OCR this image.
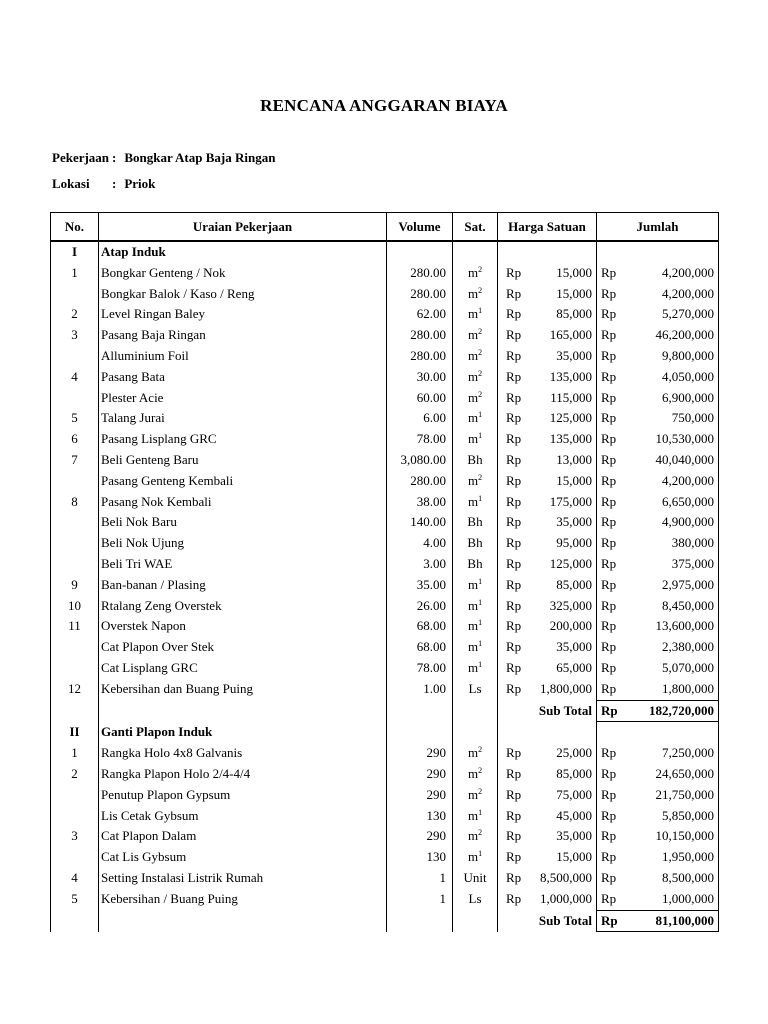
RENCANA ANGGARAN BIAYA
Pekerjaan : Bongkar Atap Baja Ringan
Lokasi : Priok
No.	Uraian Pekerjaan	Volume	Sat.	Harga Satuan		Jumlah	
I	Atap Induk						
1	Bongkar Genteng / Nok	280.00	$m^2$	Rp	15,000	Rp	4,200,000
	Bongkar Balok / Kaso / Reng	280.00	$m^2$	Rp	15,000	Rp	4,200,000
2	Level Ringan Baley	62.00	$m^1$	Rp	85,000	Rp	5,270,000
3	Pasang Baja Ringan	280.00	$m^2$	Rp	165,000	Rp	46,200,000
	Alluminium Foil	280.00	$m^2$	Rp	35,000	Rp	9,800,000
4	Pasang Bata	30.00	$m^2$	Rp	135,000	Rp	4,050,000
	Plester Acie	60.00	$m^2$	Rp	115,000	Rp	6,900,000
5	Talang Jurai	6.00	$m^1$	Rp	125,000	Rp	750,000
6	Pasang Lisplang GRC	78.00	$m^1$	Rp	135,000	Rp	10,530,000
7	Beli Genteng Baru	3,080.00	Bh	Rp	13,000	Rp	40,040,000
	Pasang Genteng Kembali	280.00	$m^2$	Rp	15,000	Rp	4,200,000
8	Pasang Nok Kembali	38.00	$m^1$	Rp	175,000	Rp	6,650,000
	Beli Nok Baru	140.00	Bh	Rp	35,000	Rp	4,900,000
	Beli Nok Ujung	4.00	Bh	Rp	95,000	Rp	380,000
	Beli Tri WAE	3.00	Bh	Rp	125,000	Rp	375,000
9	Ban-banan / Plasing	35.00	$m^1$	Rp	85,000	Rp	2,975,000
10	Rtalang Zeng Overstek	26.00	$m^1$	Rp	325,000	Rp	8,450,000
11	Overstek Napon	68.00	$m^1$	Rp	200,000	Rp	13,600,000
	Cat Plapon Over Stek	68.00	$m^1$	Rp	35,000	Rp	2,380,000
	Cat Lisplang GRC	78.00	$m^1$	Rp	65,000	Rp	5,070,000
12	Kebersihan dan Buang Puing	1.00	Ls	Rp	1,800,000	Rp	1,800,000
				Sub Total		Rp	182,720,000
II	Ganti Plapon Induk						
1	Rangka Holo 4x8 Galvanis	290	$m^2$	Rp	25,000	Rp	7,250,000
2	Rangka Plapon Holo 2/4-4/4	290	$m^2$	Rp	85,000	Rp	24,650,000
	Penutup Plapon Gypsum	290	$m^2$	Rp	75,000	Rp	21,750,000
	Lis Cetak Gybsum	130	$m^1$	Rp	45,000	Rp	5,850,000
3	Cat Plapon Dalam	290	$m^2$	Rp	35,000	Rp	10,150,000
	Cat Lis Gybsum	130	$m^1$	Rp	15,000	Rp	1,950,000
4	Setting Instalasi Listrik Rumah	1	Unit	Rp	8,500,000	Rp	8,500,000
5	Kebersihan / Buang Puing	1	Ls	Rp	1,000,000	Rp	1,000,000
				Sub Total		Rp	81,100,000
